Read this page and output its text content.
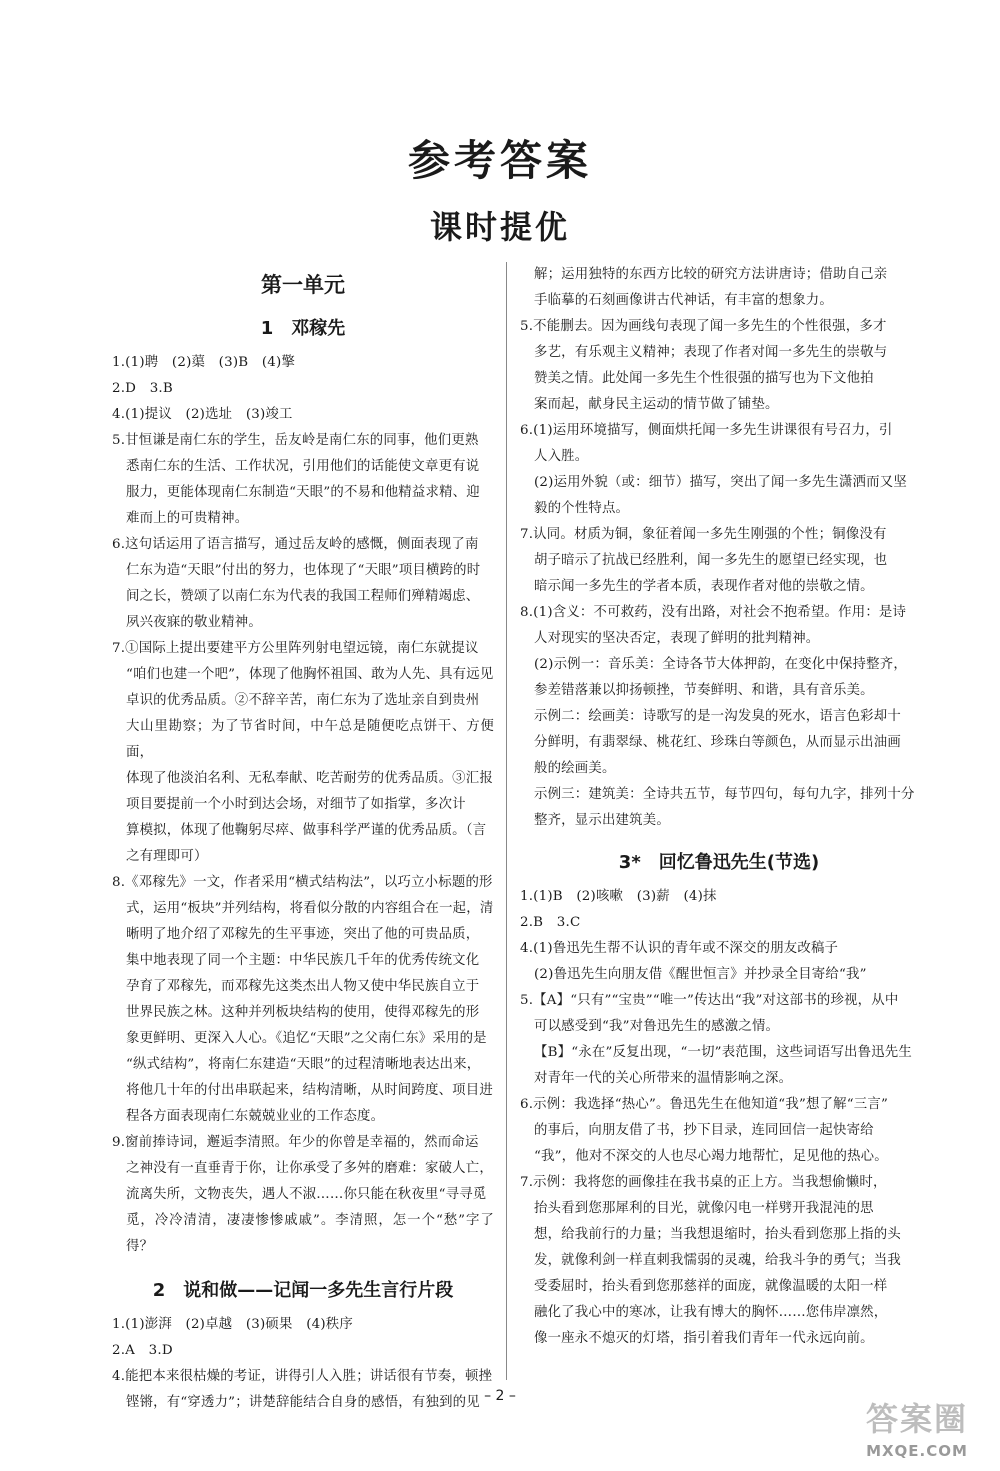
参考答案
课时提优
第一单元
1　邓稼先
1.(1)聘　(2)蕖　(3)B　(4)擎
2.D　3.B
4.(1)提议　(2)选址　(3)竣工
5.甘恒谦是南仁东的学生，岳友岭是南仁东的同事，他们更熟
悉南仁东的生活、工作状况，引用他们的话能使文章更有说
服力，更能体现南仁东制造“天眼”的不易和他精益求精、迎
难而上的可贵精神。
6.这句话运用了语言描写，通过岳友岭的感慨，侧面表现了南
仁东为造“天眼”付出的努力，也体现了“天眼”项目横跨的时
间之长，赞颂了以南仁东为代表的我国工程师们殚精竭虑、
夙兴夜寐的敬业精神。
7.①国际上提出要建平方公里阵列射电望远镜，南仁东就提议
“咱们也建一个吧”，体现了他胸怀祖国、敢为人先、具有远见
卓识的优秀品质。②不辞辛苦，南仁东为了选址亲自到贵州
大山里勘察；为了节省时间，中午总是随便吃点饼干、方便面，
体现了他淡泊名利、无私奉献、吃苦耐劳的优秀品质。③汇报
项目要提前一个小时到达会场，对细节了如指掌，多次计
算模拟，体现了他鞠躬尽瘁、做事科学严谨的优秀品质。（言
之有理即可）
8.《邓稼先》一文，作者采用“横式结构法”，以巧立小标题的形
式，运用“板块”并列结构，将看似分散的内容组合在一起，清
晰明了地介绍了邓稼先的生平事迹，突出了他的可贵品质，
集中地表现了同一个主题：中华民族几千年的优秀传统文化
孕育了邓稼先，而邓稼先这类杰出人物又使中华民族自立于
世界民族之林。这种并列板块结构的使用，使得邓稼先的形
象更鲜明、更深入人心。《追忆“天眼”之父南仁东》采用的是
“纵式结构”，将南仁东建造“天眼”的过程清晰地表达出来，
将他几十年的付出串联起来，结构清晰，从时间跨度、项目进
程各方面表现南仁东兢兢业业的工作态度。
9.窗前捧诗词，邂逅李清照。年少的你曾是幸福的，然而命运
之神没有一直垂青于你，让你承受了多舛的磨难：家破人亡，
流离失所，文物丧失，遇人不淑……你只能在秋夜里“寻寻觅
觅，冷冷清清，凄凄惨惨戚戚”。李清照，怎一个“愁”字了得？
2　说和做——记闻一多先生言行片段
1.(1)澎湃　(2)卓越　(3)硕果　(4)秩序
2.A　3.D
4.能把本来很枯燥的考证，讲得引人入胜；讲话很有节奏，顿挫
铿锵，有“穿透力”；讲楚辞能结合自身的感悟，有独到的见
解；运用独特的东西方比较的研究方法讲唐诗；借助自己亲
手临摹的石刻画像讲古代神话，有丰富的想象力。
5.不能删去。因为画线句表现了闻一多先生的个性很强，多才
多艺，有乐观主义精神；表现了作者对闻一多先生的崇敬与
赞美之情。此处闻一多先生个性很强的描写也为下文他拍
案而起，献身民主运动的情节做了铺垫。
6.(1)运用环境描写，侧面烘托闻一多先生讲课很有号召力，引
人入胜。
(2)运用外貌（或：细节）描写，突出了闻一多先生潇洒而又坚
毅的个性特点。
7.认同。材质为铜，象征着闻一多先生刚强的个性；铜像没有
胡子暗示了抗战已经胜利，闻一多先生的愿望已经实现，也
暗示闻一多先生的学者本质，表现作者对他的崇敬之情。
8.(1)含义：不可救药，没有出路，对社会不抱希望。作用：是诗
人对现实的坚决否定，表现了鲜明的批判精神。
(2)示例一：音乐美：全诗各节大体押韵，在变化中保持整齐，
参差错落兼以抑扬顿挫，节奏鲜明、和谐，具有音乐美。
示例二：绘画美：诗歌写的是一沟发臭的死水，语言色彩却十
分鲜明，有翡翠绿、桃花红、珍珠白等颜色，从而显示出油画
般的绘画美。
示例三：建筑美：全诗共五节，每节四句，每句九字，排列十分
整齐，显示出建筑美。
3*　回忆鲁迅先生(节选)
1.(1)B　(2)咳嗽　(3)薪　(4)抹
2.B　3.C
4.(1)鲁迅先生帮不认识的青年或不深交的朋友改稿子
(2)鲁迅先生向朋友借《醒世恒言》并抄录全目寄给“我”
5.【A】“只有”“宝贵”“唯一”传达出“我”对这部书的珍视，从中
可以感受到“我”对鲁迅先生的感激之情。
【B】“永在”反复出现，“一切”表范围，这些词语写出鲁迅先生
对青年一代的关心所带来的温情影响之深。
6.示例：我选择“热心”。鲁迅先生在他知道“我”想了解“三言”
的事后，向朋友借了书，抄下目录，连同回信一起快寄给
“我”，他对不深交的人也尽心竭力地帮忙，足见他的热心。
7.示例：我将您的画像挂在我书桌的正上方。当我想偷懒时，
抬头看到您那犀利的目光，就像闪电一样劈开我混沌的思
想，给我前行的力量；当我想退缩时，抬头看到您那上指的头
发，就像利剑一样直刺我懦弱的灵魂，给我斗争的勇气；当我
受委屈时，抬头看到您那慈祥的面庞，就像温暖的太阳一样
融化了我心中的寒冰，让我有博大的胸怀……您伟岸凛然，
像一座永不熄灭的灯塔，指引着我们青年一代永远向前。
– 2 –
答案圈
MXQE.COM
